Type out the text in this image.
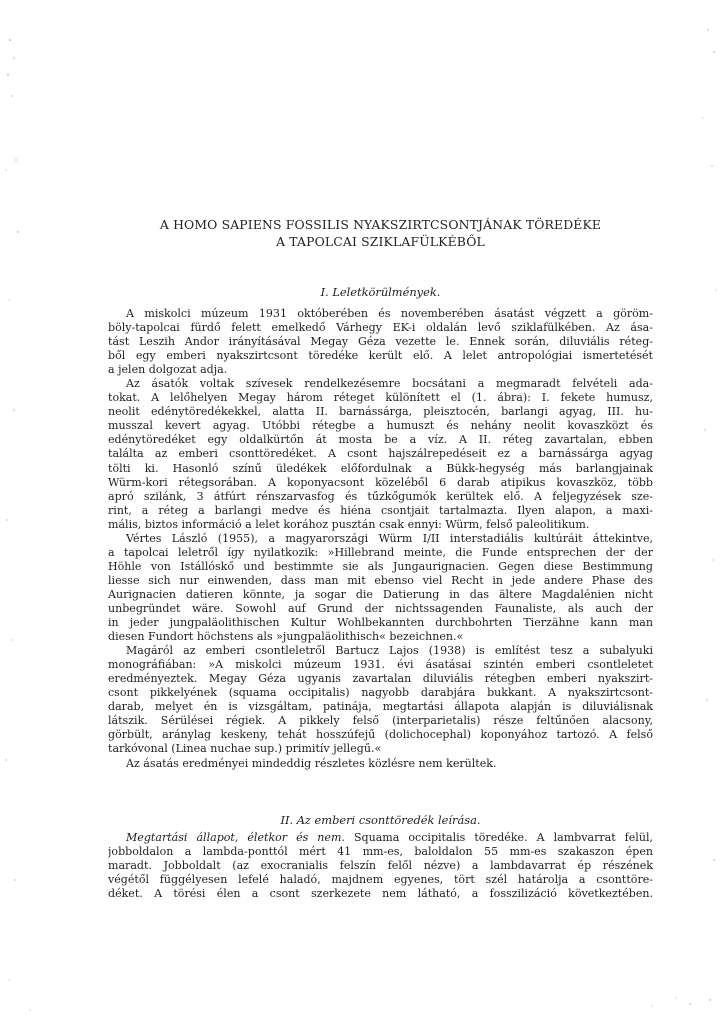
A HOMO SAPIENS FOSSILIS NYAKSZIRTCSONTJÁNAK TÖREDÉKE
A TAPOLCAI SZIKLAFÜLKÉBŐL
I. Leletkörülmények.
A miskolci múzeum 1931 októberében és novemberében ásatást végzett a göröm-
böly-tapolcai fürdő felett emelkedő Várhegy EK-i oldalán levő sziklafülkében. Az ása-
tást Leszih Andor irányításával Megay Géza vezette le. Ennek során, diluviális réteg-
ből egy emberi nyakszirtcsont töredéke került elő. A lelet antropológiai ismertetését
a jelen dolgozat adja.
Az ásatók voltak szívesek rendelkezésemre bocsátani a megmaradt felvételi ada-
tokat. A lelőhelyen Megay három réteget különített el (1. ábra): I. fekete humusz,
neolit edénytöredékekkel, alatta II. barnássárga, pleisztocén, barlangi agyag, III. hu-
musszal kevert agyag. Utóbbi rétegbe a humuszt és nehány neolit kovaszközt és
edénytöredéket egy oldalkürtőn át mosta be a víz. A II. réteg zavartalan, ebben
találta az emberi csonttöredéket. A csont hajszálrepedéseit ez a barnássárga agyag
tölti ki. Hasonló színű üledékek előfordulnak a Bükk-hegység más barlangjainak
Würm-kori rétegsorában. A koponyacsont közeléből 6 darab atipikus kovaszköz, több
apró szilánk, 3 átfúrt rénszarvasfog és tűzkőgumók kerültek elő. A feljegyzések sze-
rint, a réteg a barlangi medve és hiéna csontjait tartalmazta. Ilyen alapon, a maxi-
mális, biztos információ a lelet korához pusztán csak ennyi: Würm, felső paleolitikum.
Vértes László (1955), a magyarországi Würm I/II interstadiális kultúráit áttekintve,
a tapolcai leletről így nyilatkozik: »Hillebrand meinte, die Funde entsprechen der der
Höhle von Istállóskő und bestimmte sie als Jungaurignacien. Gegen diese Bestimmung
liesse sich nur einwenden, dass man mit ebenso viel Recht in jede andere Phase des
Aurignacien datieren könnte, ja sogar die Datierung in das ältere Magdalénien nicht
unbegründet wäre. Sowohl auf Grund der nichtssagenden Faunaliste, als auch der
in jeder jungpaläolithischen Kultur Wohlbekannten durchbohrten Tierzähne kann man
diesen Fundort höchstens als »jungpaläolithisch« bezeichnen.«
Magáról az emberi csontleletről Bartucz Lajos (1938) is említést tesz a subalyuki
monográfiában: »A miskolci múzeum 1931. évi ásatásai szintén emberi csontleletet
eredményeztek. Megay Géza ugyanis zavartalan diluviális rétegben emberi nyakszirt-
csont pikkelyének (squama occipitalis) nagyobb darabjára bukkant. A nyakszirtcsont-
darab, melyet én is vizsgáltam, patinája, megtartási állapota alapján is diluviálisnak
látszik. Sérülései régiek. A pikkely felső (interparietalis) része feltűnően alacsony,
görbült, aránylag keskeny, tehát hosszúfejű (dolichocephal) koponyához tartozó. A felső
tarkóvonal (Linea nuchae sup.) primitív jellegű.«
Az ásatás eredményei mindeddig részletes közlésre nem kerültek.
II. Az emberi csonttöredék leírása.
Megtartási állapot, életkor és nem. Squama occipitalis töredéke. A lambvarrat felül,
jobboldalon a lambda-ponttól mért 41 mm-es, baloldalon 55 mm-es szakaszon épen
maradt. Jobboldalt (az exocranialis felszín felől nézve) a lambdavarrat ép részének
végétől függélyesen lefelé haladó, majdnem egyenes, tört szél határolja a csonttöre-
déket. A törési élen a csont szerkezete nem látható, a fosszilizáció következtében.
